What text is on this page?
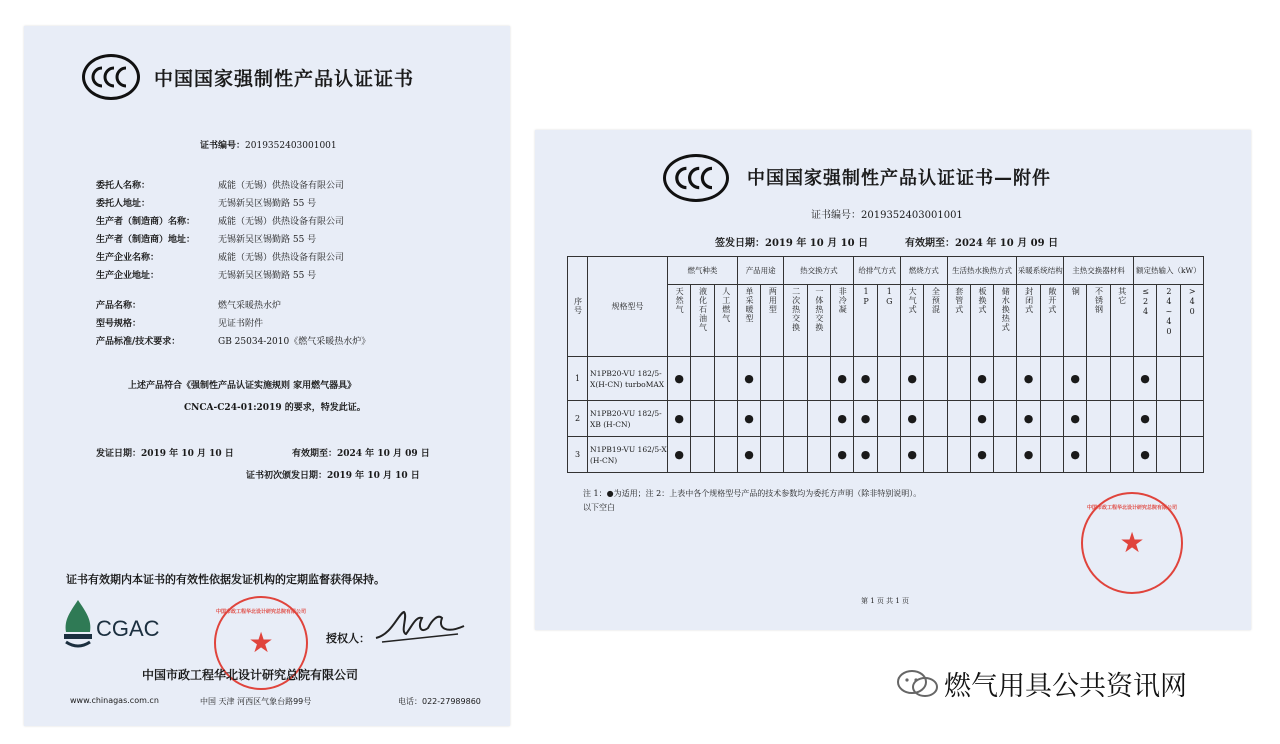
中国国家强制性产品认证证书
证书编号：2019352403001001
委托人名称：	威能（无锡）供热设备有限公司
委托人地址：	无锡新吴区锡勤路 55 号
生产者（制造商）名称：	威能（无锡）供热设备有限公司
生产者（制造商）地址：	无锡新吴区锡勤路 55 号
生产企业名称：	威能（无锡）供热设备有限公司
生产企业地址：	无锡新吴区锡勤路 55 号
产品名称：	燃气采暖热水炉
型号规格：	见证书附件
产品标准/技术要求：	GB 25034-2010《燃气采暖热水炉》
上述产品符合《强制性产品认证实施规则 家用燃气器具》
CNCA-C24-01:2019 的要求，特发此证。
发证日期：2019 年 10 月 10 日	有效期至：2024 年 10 月 09 日
证书初次颁发日期：2019 年 10 月 10 日
证书有效期内本证书的有效性依据发证机构的定期监督获得保持。
CGAC
中国市政工程华北设计研究总院有限公司
★	授权人：
中国市政工程华北设计研究总院有限公司
www.chinagas.com.cn	中国 天津 河西区气象台路99号	电话：022-27989860
中国国家强制性产品认证证书—附件
证书编号：2019352403001001
签发日期：2019 年 10 月 10 日	有效期至：2024 年 10 月 09 日
序号	规格型号	燃气种类			产品用途		热交换方式			给排气方式		燃烧方式		生活热水换热方式			采暖系统结构		主热交换器材料			额定热输入（kW）		
		天然气	液化石油气	人工燃气	单采暖型	两用型	二次热交换	一体热交换	非冷凝	1P	1G	大气式	全预混	套管式	板换式	储水换热式	封闭式	敞开式	铜	不锈钢	其它	≤24	24~40	>40
1	N1PB20-VU 182/5-X(H-CN) turboMAX	●			●				●	●		●			●		●		●			●		
2	N1PB20-VU 182/5-XB (H-CN)	●			●				●	●		●			●		●		●			●		
3	N1PB19-VU 162/5-X (H-CN)	●			●				●	●		●			●		●		●			●		
注 1：●为适用；注 2：上表中各个规格型号产品的技术参数均为委托方声明（除非特别说明）。
以下空白	中国市政工程华北设计研究总院有限公司
★
第 1 页 共 1 页
燃气用具公共资讯网
